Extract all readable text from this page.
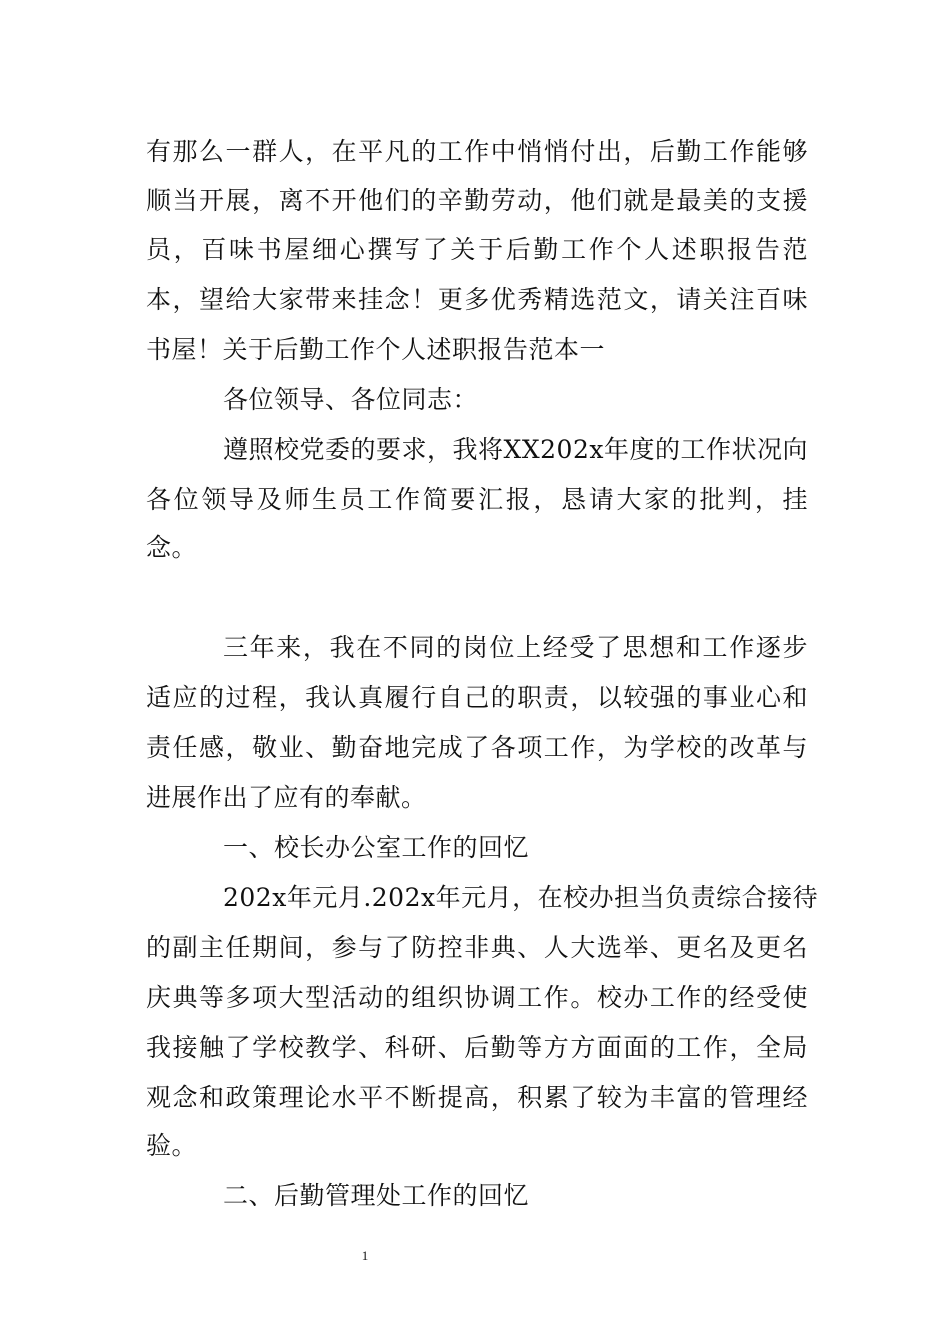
有那么一群人，在平凡的工作中悄悄付出，后勤工作能够
顺当开展，离不开他们的辛勤劳动，他们就是最美的支援
员，百味书屋细心撰写了关于后勤工作个人述职报告范
本，望给大家带来挂念！更多优秀精选范文，请关注百味
书屋！关于后勤工作个人述职报告范本一
各位领导、各位同志：
遵照校党委的要求，我将XX202x年度的工作状况向
各位领导及师生员工作简要汇报，恳请大家的批判，挂
念。
三年来，我在不同的岗位上经受了思想和工作逐步
适应的过程，我认真履行自己的职责，以较强的事业心和
责任感，敬业、勤奋地完成了各项工作，为学校的改革与
进展作出了应有的奉献。
一、校长办公室工作的回忆
202x年元月.202x年元月，在校办担当负责综合接待
的副主任期间，参与了防控非典、人大选举、更名及更名
庆典等多项大型活动的组织协调工作。校办工作的经受使
我接触了学校教学、科研、后勤等方方面面的工作，全局
观念和政策理论水平不断提高，积累了较为丰富的管理经
验。
二、后勤管理处工作的回忆
1
